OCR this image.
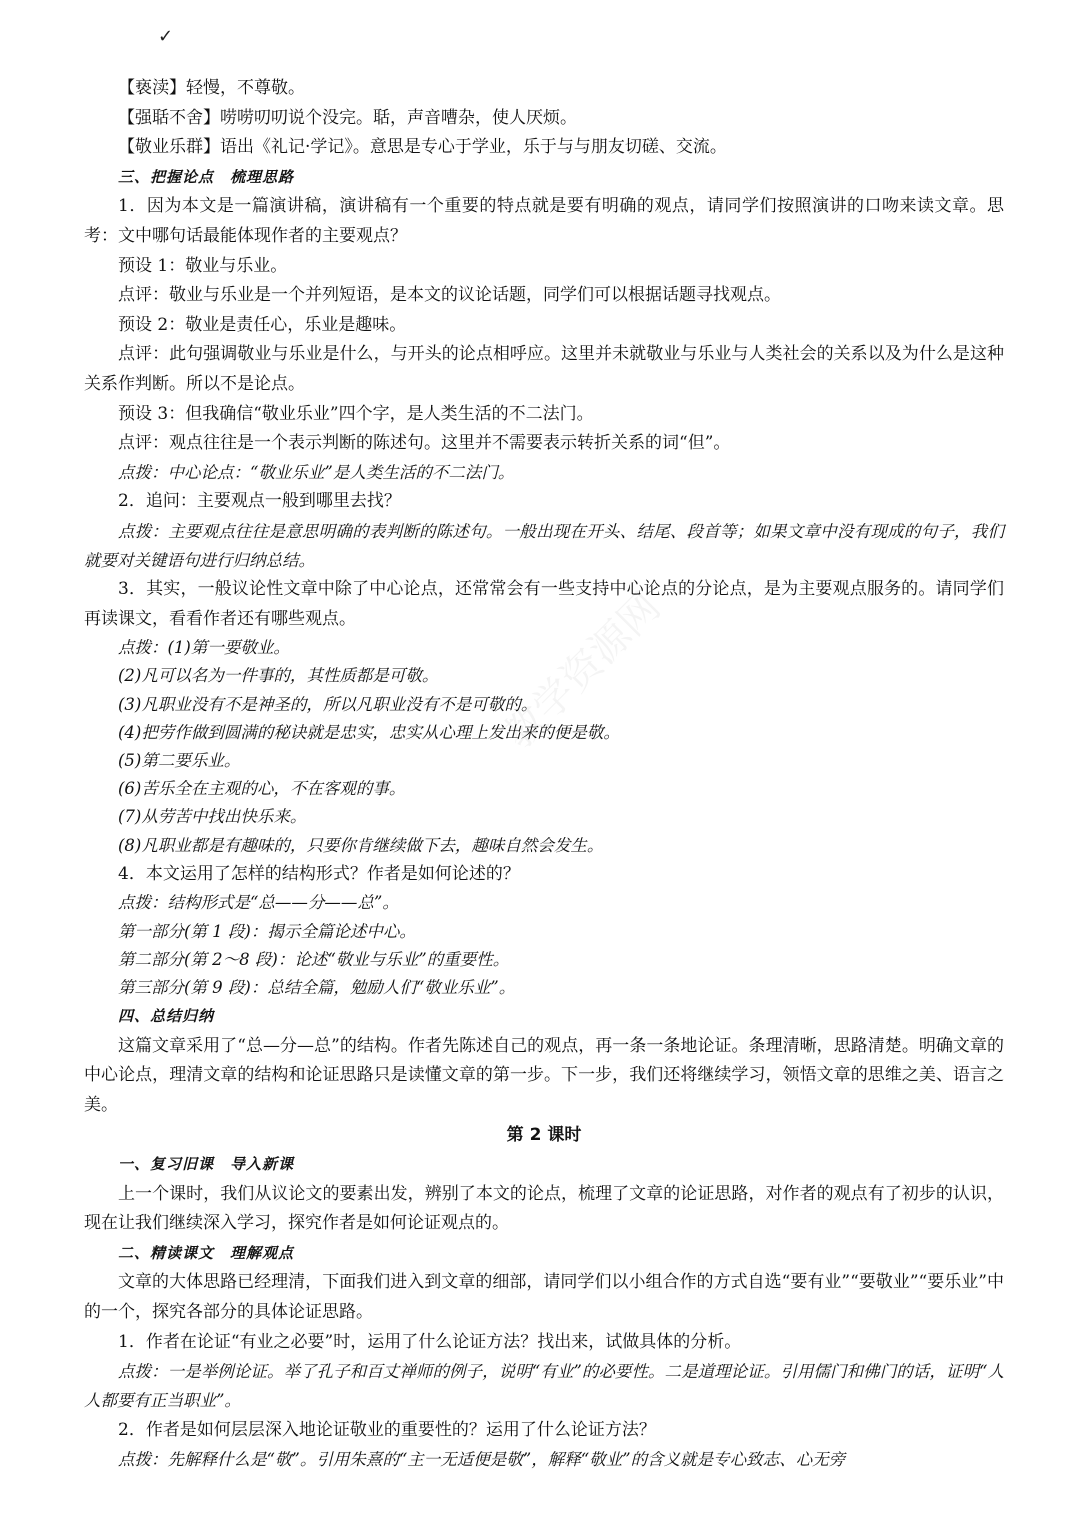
✓

【亵渎】轻慢，不尊敬。

【强聒不舍】唠唠叨叨说个没完。聒，声音嘈杂，使人厌烦。

【敬业乐群】语出《礼记·学记》。意思是专心于学业，乐于与与朋友切磋、交流。

三、把握论点　梳理思路

1．因为本文是一篇演讲稿，演讲稿有一个重要的特点就是要有明确的观点，请同学们按照演讲的口吻来读文章。思考：文中哪句话最能体现作者的主要观点？

预设 1：敬业与乐业。

点评：敬业与乐业是一个并列短语，是本文的议论话题，同学们可以根据话题寻找观点。

预设 2：敬业是责任心，乐业是趣味。

点评：此句强调敬业与乐业是什么，与开头的论点相呼应。这里并未就敬业与乐业与人类社会的关系以及为什么是这种关系作判断。所以不是论点。

预设 3：但我确信“敬业乐业”四个字，是人类生活的不二法门。

点评：观点往往是一个表示判断的陈述句。这里并不需要表示转折关系的词“但”。

点拨：中心论点：“敬业乐业”是人类生活的不二法门。

2．追问：主要观点一般到哪里去找？

点拨：主要观点往往是意思明确的表判断的陈述句。一般出现在开头、结尾、段首等；如果文章中没有现成的句子，我们就要对关键语句进行归纳总结。

3．其实，一般议论性文章中除了中心论点，还常常会有一些支持中心论点的分论点，是为主要观点服务的。请同学们再读课文，看看作者还有哪些观点。

点拨：(1)第一要敬业。

(2)凡可以名为一件事的，其性质都是可敬。

(3)凡职业没有不是神圣的，所以凡职业没有不是可敬的。

(4)把劳作做到圆满的秘诀就是忠实，忠实从心理上发出来的便是敬。

(5)第二要乐业。

(6)苦乐全在主观的心，不在客观的事。

(7)从劳苦中找出快乐来。

(8)凡职业都是有趣味的，只要你肯继续做下去，趣味自然会发生。

4．本文运用了怎样的结构形式？作者是如何论述的？

点拨：结构形式是“总——分——总”。

第一部分(第 1 段)：揭示全篇论述中心。

第二部分(第 2～8 段)：论述“敬业与乐业”的重要性。

第三部分(第 9 段)：总结全篇，勉励人们“敬业乐业”。

四、总结归纳

这篇文章采用了“总—分—总”的结构。作者先陈述自己的观点，再一条一条地论证。条理清晰，思路清楚。明确文章的中心论点，理清文章的结构和论证思路只是读懂文章的第一步。下一步，我们还将继续学习，领悟文章的思维之美、语言之美。

第 2 课时

一、复习旧课　导入新课

上一个课时，我们从议论文的要素出发，辨别了本文的论点，梳理了文章的论证思路，对作者的观点有了初步的认识，现在让我们继续深入学习，探究作者是如何论证观点的。

二、精读课文　理解观点

文章的大体思路已经理清，下面我们进入到文章的细部，请同学们以小组合作的方式自选“要有业”“要敬业”“要乐业”中的一个，探究各部分的具体论证思路。

1．作者在论证“有业之必要”时，运用了什么论证方法？找出来，试做具体的分析。

点拨：一是举例论证。举了孔子和百丈禅师的例子，说明“有业”的必要性。二是道理论证。引用儒门和佛门的话，证明“人人都要有正当职业”。

2．作者是如何层层深入地论证敬业的重要性的？运用了什么论证方法？

点拨：先解释什么是“敬”。引用朱熹的“主一无适便是敬”，解释“敬业”的含义就是专心致志、心无旁
